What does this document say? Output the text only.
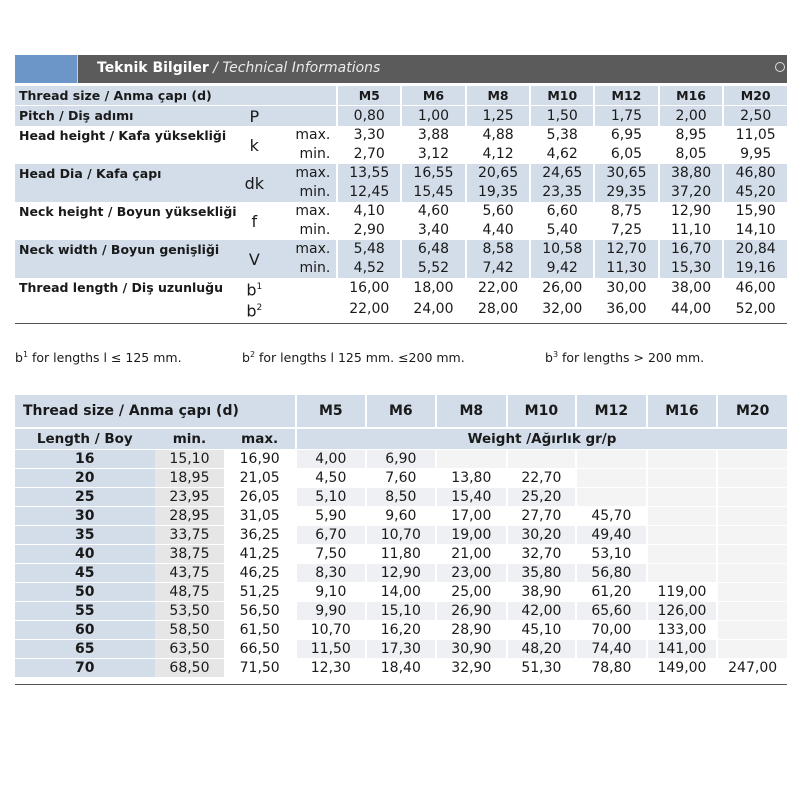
Teknik Bilgiler / Technical Informations
Thread size / Anma çapı (d)			M5	M6	M8	M10	M12	M16	M20
Pitch / Diş adımı	P		0,80	1,00	1,25	1,50	1,75	2,00	2,50
Head height / Kafa yüksekliği	k	max.	3,30	3,88	4,88	5,38	6,95	8,95	11,05
		min.	2,70	3,12	4,12	4,62	6,05	8,05	9,95
Head Dia / Kafa çapı	dk	max.	13,55	16,55	20,65	24,65	30,65	38,80	46,80
		min.	12,45	15,45	19,35	23,35	29,35	37,20	45,20
Neck height / Boyun yüksekliği	f	max.	4,10	4,60	5,60	6,60	8,75	12,90	15,90
		min.	2,90	3,40	4,40	5,40	7,25	11,10	14,10
Neck width / Boyun genişliği	V	max.	5,48	6,48	8,58	10,58	12,70	16,70	20,84
		min.	4,52	5,52	7,42	9,42	11,30	15,30	19,16
Thread length / Diş uzunluğu	$b^1$		16,00	18,00	22,00	26,00	30,00	38,00	46,00
	$b^2$		22,00	24,00	28,00	32,00	36,00	44,00	52,00
$b^1$ for lengths l ≤ 125 mm.	$b^2$ for lengths l 125 mm. ≤200 mm.	$b^3$ for lengths > 200 mm.
Thread size / Anma çapı (d)			M5	M6	M8	M10	M12	M16	M20
Length / Boy	min.	max.	Weight /Ağırlık gr/p						
16	15,10	16,90	4,00	6,90					
20	18,95	21,05	4,50	7,60	13,80	22,70			
25	23,95	26,05	5,10	8,50	15,40	25,20			
30	28,95	31,05	5,90	9,60	17,00	27,70	45,70		
35	33,75	36,25	6,70	10,70	19,00	30,20	49,40		
40	38,75	41,25	7,50	11,80	21,00	32,70	53,10		
45	43,75	46,25	8,30	12,90	23,00	35,80	56,80		
50	48,75	51,25	9,10	14,00	25,00	38,90	61,20	119,00	
55	53,50	56,50	9,90	15,10	26,90	42,00	65,60	126,00	
60	58,50	61,50	10,70	16,20	28,90	45,10	70,00	133,00	
65	63,50	66,50	11,50	17,30	30,90	48,20	74,40	141,00	
70	68,50	71,50	12,30	18,40	32,90	51,30	78,80	149,00	247,00
